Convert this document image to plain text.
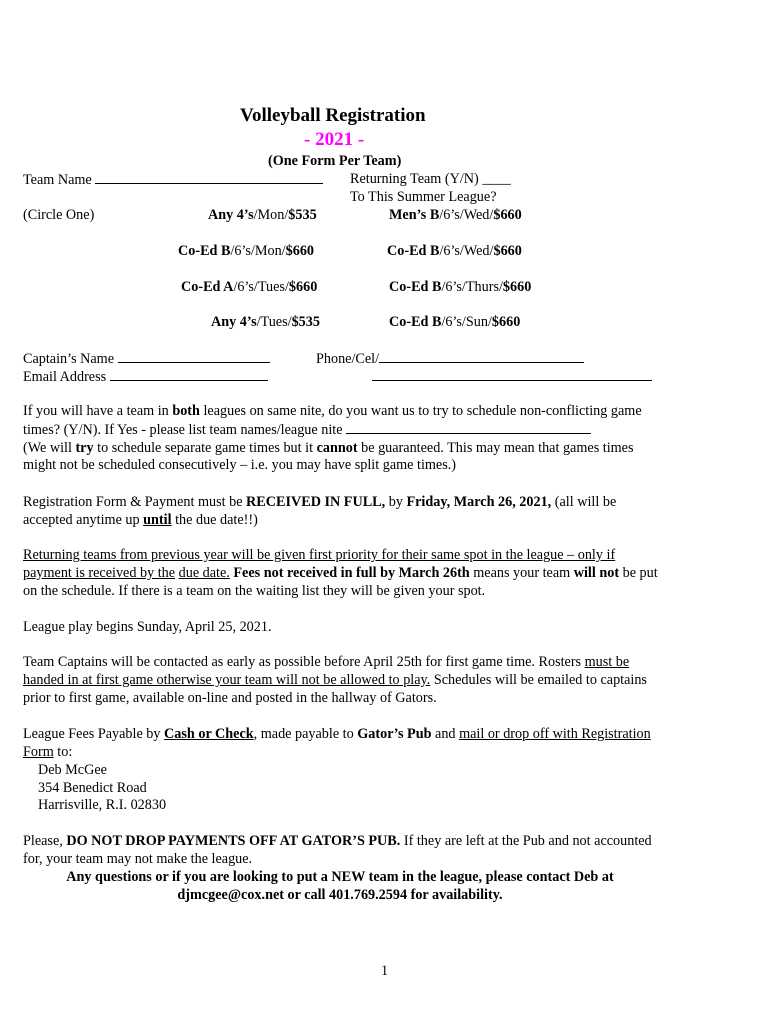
Volleyball Registration
- 2021 -
(One Form Per Team)
Team Name	Returning Team (Y/N) ____
To This Summer League?
(Circle One)	Any 4’s/Mon/$535	Men’s B/6’s/Wed/$660
Co-Ed B/6’s/Mon/$660	Co-Ed B/6’s/Wed/$660
Co-Ed A/6’s/Tues/$660	Co-Ed B/6’s/Thurs/$660
Any 4’s/Tues/$535	Co-Ed B/6’s/Sun/$660
Captain’s Name	Phone/Cel/
Email Address
If you will have a team in both leagues on same nite, do you want us to try to schedule non-conflicting game times? (Y/N). If Yes - please list team names/league nite
(We will try to schedule separate game times but it cannot be guaranteed. This may mean that games times might not be scheduled consecutively – i.e. you may have split game times.)
Registration Form & Payment must be RECEIVED IN FULL, by Friday, March 26, 2021, (all will be accepted anytime up until the due date!!)
Returning teams from previous year will be given first priority for their same spot in the league – only if payment is received by the due date. Fees not received in full by March 26th means your team will not be put on the schedule. If there is a team on the waiting list they will be given your spot.
League play begins Sunday, April 25, 2021.
Team Captains will be contacted as early as possible before April 25th for first game time. Rosters must be handed in at first game otherwise your team will not be allowed to play. Schedules will be emailed to captains prior to first game, available on-line and posted in the hallway of Gators.
League Fees Payable by Cash or Check, made payable to Gator’s Pub and mail or drop off with Registration Form to:
Deb McGee
354 Benedict Road
Harrisville, R.I. 02830
Please, DO NOT DROP PAYMENTS OFF AT GATOR’S PUB. If they are left at the Pub and not accounted for, your team may not make the league.
Any questions or if you are looking to put a NEW team in the league, please contact Deb at
djmcgee@cox.net or call 401.769.2594 for availability.
1
